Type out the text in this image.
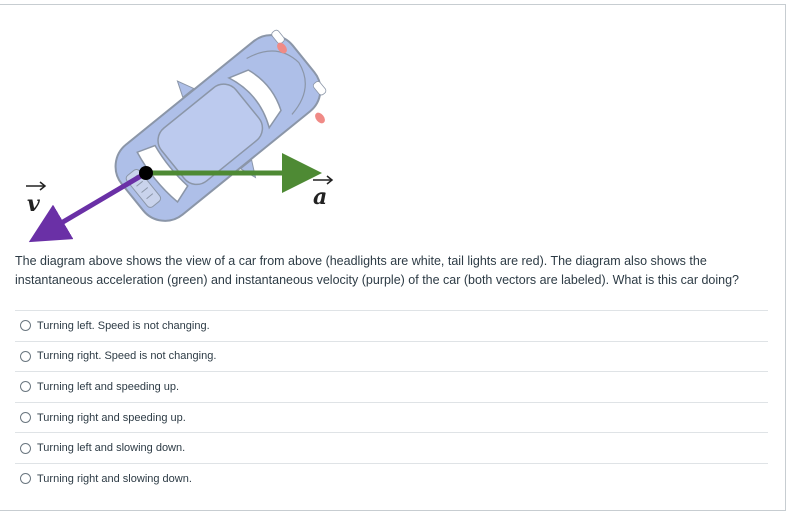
v	a
The diagram above shows the view of a car from above (headlights are white, tail lights are red). The diagram also shows the instantaneous acceleration (green) and instantaneous velocity (purple) of the car (both vectors are labeled). What is this car doing?
Turning left. Speed is not changing.
Turning right. Speed is not changing.
Turning left and speeding up.
Turning right and speeding up.
Turning left and slowing down.
Turning right and slowing down.
